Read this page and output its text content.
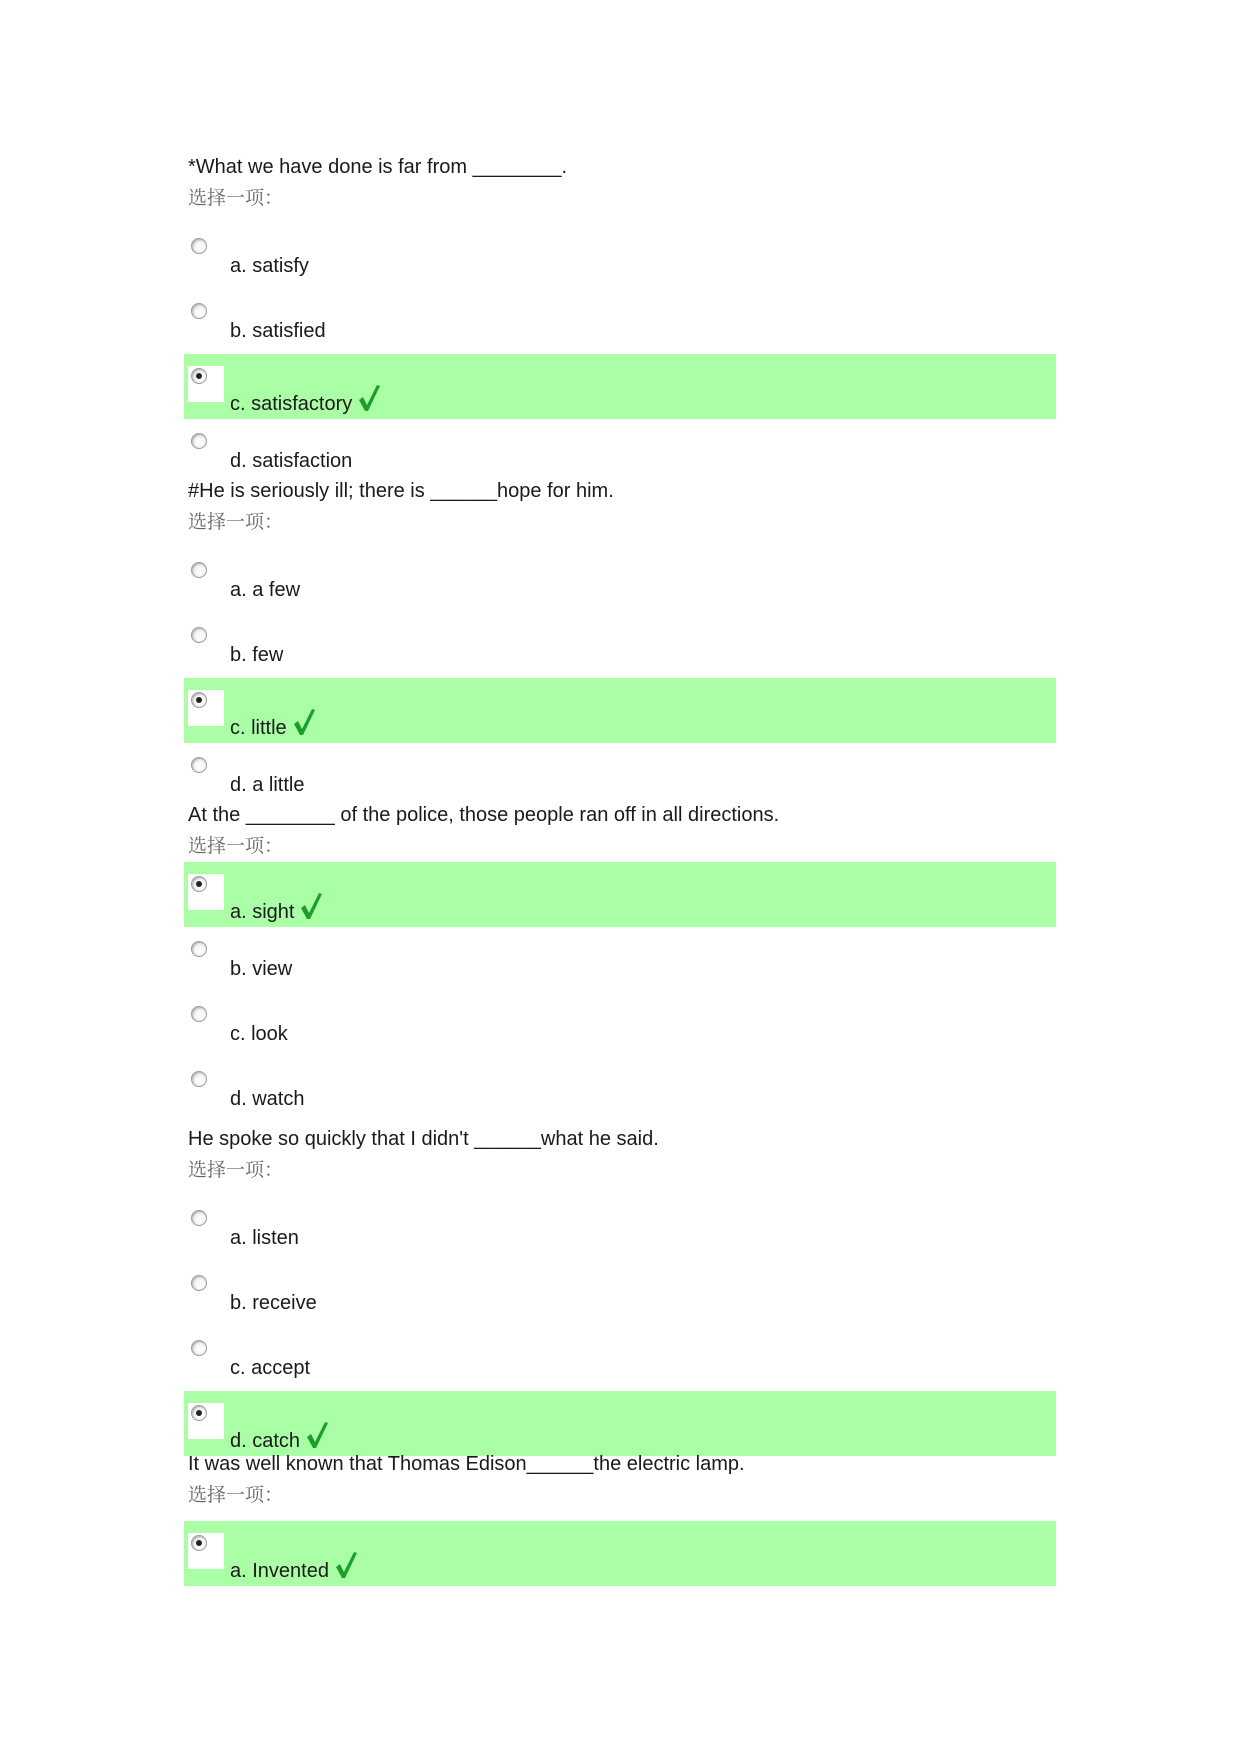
*What we have done is far from ________.
选择一项：
a. satisfy
b. satisfied
c. satisfactory
d. satisfaction
#He is seriously ill; there is ______hope for him.
选择一项：
a. a few
b. few
c. little
d. a little
At the ________ of the police, those people ran off in all directions.
选择一项：
a. sight
b. view
c. look
d. watch
He spoke so quickly that I didn't ______what he said.
选择一项：
a. listen
b. receive
c. accept
d. catch
It was well known that Thomas Edison______the electric lamp.
选择一项：
a. Invented
